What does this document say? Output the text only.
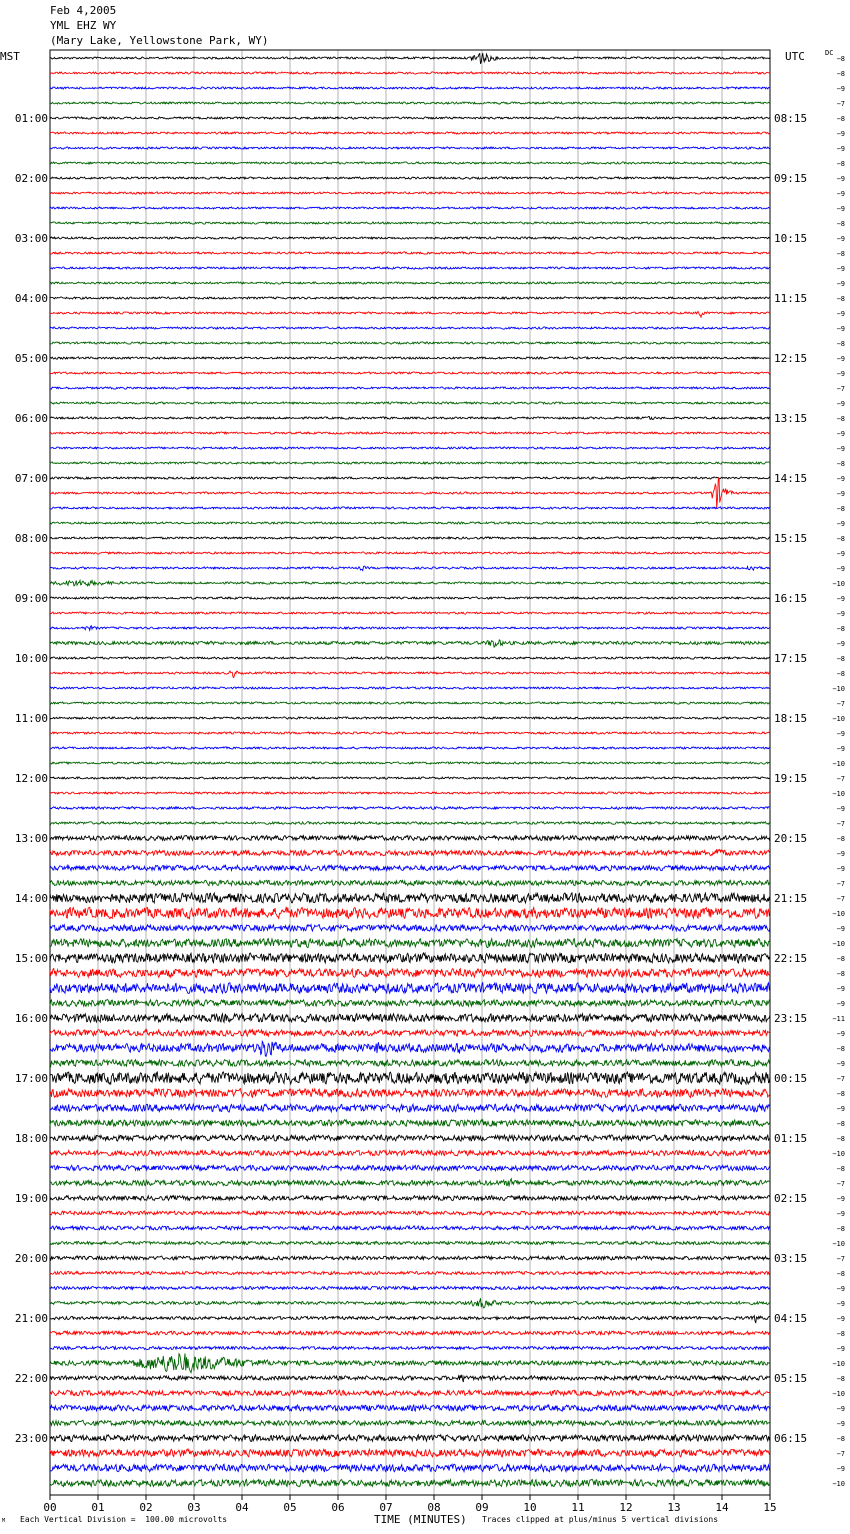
01:00
02:00
03:00
04:00
05:00
06:00
07:00
08:00
09:00
10:00
11:00
12:00
13:00
14:00
15:00
16:00
17:00
18:00
19:00
20:00
21:00
22:00
23:00
08:15
09:15
10:15
11:15
12:15
13:15
14:15
15:15
16:15
17:15
18:15
19:15
20:15
21:15
22:15
23:15
00:15
01:15
02:15
03:15
04:15
05:15
06:15
−8
−8
−9
−7
−8
−9
−9
−8
−9
−9
−9
−8
−9
−8
−9
−9
−8
−9
−9
−8
−9
−9
−7
−9
−8
−9
−9
−8
−9
−9
−8
−9
−8
−9
−9
−10
−9
−9
−8
−9
−8
−8
−10
−7
−10
−9
−9
−10
−7
−10
−9
−7
−8
−9
−9
−7
−7
−10
−9
−10
−8
−8
−9
−9
−11
−9
−8
−9
−7
−8
−9
−8
−8
−10
−8
−7
−9
−9
−8
−10
−7
−8
−9
−9
−9
−8
−9
−10
−8
−10
−9
−9
−8
−7
−9
−10
00	01	02	03	04	05	06	07	08	09	10	11	12	13	14	15
Feb 4,2005
YML EHZ WY
(Mary Lake, Yellowstone Park, WY)
MST	UTC	DC
TIME (MINUTES)
Each Vertical Division =  100.00 microvolts	Traces clipped at plus/minus 5 vertical divisions
M
